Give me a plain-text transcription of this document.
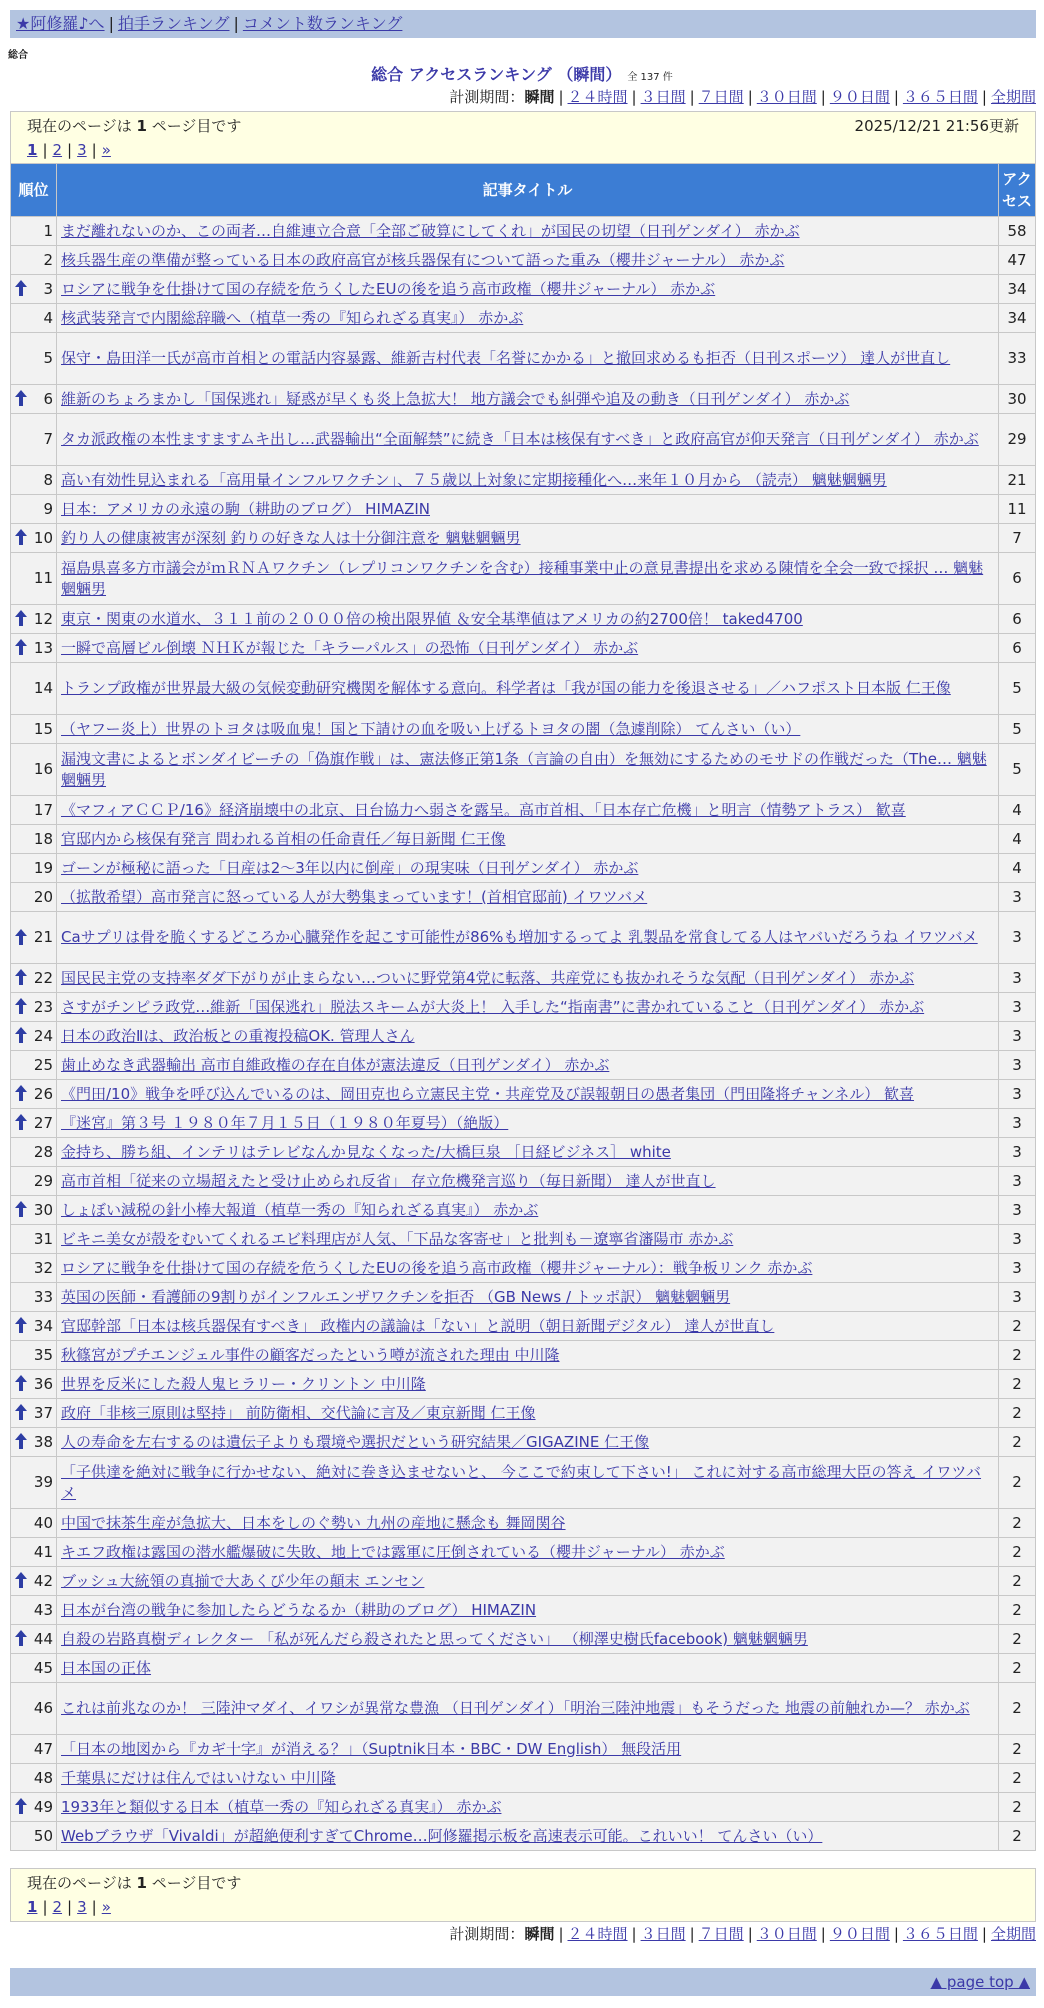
★阿修羅♪へ | 拍手ランキング | コメント数ランキング
総合
総合 アクセスランキング （瞬間） 全 137 件
計測期間：瞬間 | ２４時間 | ３日間 | ７日間 | ３０日間 | ９０日間 | ３６５日間 | 全期間
現在のページは 1 ページ目です	2025/12/21 21:56更新
1 | 2 | 3 | »
順位	記事タイトル	アクセス
1	まだ離れないのか、この両者…自維連立合意「全部ご破算にしてくれ」が国民の切望（日刊ゲンダイ） 赤かぶ	58
2	核兵器生産の準備が整っている日本の政府高官が核兵器保有について語った重み（櫻井ジャーナル） 赤かぶ	47

3	ロシアに戦争を仕掛けて国の存続を危うくしたEUの後を追う高市政権（櫻井ジャーナル） 赤かぶ	34
4	核武装発言で内閣総辞職へ（植草一秀の『知られざる真実』） 赤かぶ	34
5	保守・島田洋一氏が高市首相との電話内容暴露、維新吉村代表「名誉にかかる」と撤回求めるも拒否（日刊スポーツ） 達人が世直し	33

6	維新のちょろまかし「国保逃れ」疑惑が早くも炎上急拡大！ 地方議会でも糾弾や追及の動き（日刊ゲンダイ） 赤かぶ	30
7	タカ派政権の本性ますますムキ出し…武器輸出“全面解禁”に続き「日本は核保有すべき」と政府高官が仰天発言（日刊ゲンダイ） 赤かぶ	29
8	高い有効性見込まれる「高用量インフルワクチン」、７５歳以上対象に定期接種化へ…来年１０月から （読売） 魑魅魍魎男	21
9	日本：アメリカの永遠の駒（耕助のブログ） HIMAZIN	11

10	釣り人の健康被害が深刻 釣りの好きな人は十分御注意を 魑魅魍魎男	7
11	福島県喜多方市議会がｍＲＮＡワクチン（レプリコンワクチンを含む）接種事業中止の意見書提出を求める陳情を全会一致で採択 … 魑魅魍魎男	6

12	東京・関東の水道水、３１１前の２０００倍の検出限界値 ＆安全基準値はアメリカの約2700倍！ taked4700	6

13	一瞬で高層ビル倒壊 ＮＨＫが報じた「キラーパルス」の恐怖（日刊ゲンダイ） 赤かぶ	6
14	トランプ政権が世界最大級の気候変動研究機関を解体する意向。科学者は「我が国の能力を後退させる」／ハフポスト日本版 仁王像	5
15	（ヤフー炎上）世界のトヨタは吸血鬼！国と下請けの血を吸い上げるトヨタの闇（急遽削除） てんさい（い）	5
16	漏洩文書によるとボンダイビーチの「偽旗作戦」は、憲法修正第1条（言論の自由）を無効にするためのモサドの作戦だった（The… 魑魅魍魎男	5
17	《マフィアＣＣＰ/16》経済崩壊中の北京、日台協力へ弱さを露呈。高市首相、「日本存亡危機」と明言（情勢アトラス） 歓喜	4
18	官邸内から核保有発言 問われる首相の任命責任／毎日新聞 仁王像	4
19	ゴーンが極秘に語った「日産は2～3年以内に倒産」の現実味（日刊ゲンダイ） 赤かぶ	4
20	（拡散希望）高市発言に怒っている人が大勢集まっています！(首相官邸前) イワツバメ	3

21	Caサプリは骨を脆くするどころか心臓発作を起こす可能性が86%も増加するってよ 乳製品を常食してる人はヤバいだろうね イワツバメ	3

22	国民民主党の支持率ダダ下がりが止まらない…ついに野党第4党に転落、共産党にも抜かれそうな気配（日刊ゲンダイ） 赤かぶ	3

23	さすがチンピラ政党…維新「国保逃れ」脱法スキームが大炎上！ 入手した“指南書”に書かれていること（日刊ゲンダイ） 赤かぶ	3

24	日本の政治Ⅱは、政治板との重複投稿OK. 管理人さん	3
25	歯止めなき武器輸出 高市自維政権の存在自体が憲法違反（日刊ゲンダイ） 赤かぶ	3

26	《門田/10》戦争を呼び込んでいるのは、岡田克也ら立憲民主党・共産党及び誤報朝日の愚者集団（門田隆将チャンネル） 歓喜	3

27	『迷宮』第３号 １９８０年７月１５日（１９８０年夏号）（絶版）	3
28	金持ち、勝ち組、インテリはテレビなんか見なくなった/大橋巨泉 ［日経ビジネス］ white	3
29	高市首相「従来の立場超えたと受け止められ反省」 存立危機発言巡り（毎日新聞） 達人が世直し	3

30	しょぼい減税の針小棒大報道（植草一秀の『知られざる真実』） 赤かぶ	3
31	ビキニ美女が殻をむいてくれるエビ料理店が人気、「下品な客寄せ」と批判も－遼寧省瀋陽市 赤かぶ	3
32	ロシアに戦争を仕掛けて国の存続を危うくしたEUの後を追う高市政権（櫻井ジャーナル）：戦争板リンク 赤かぶ	3
33	英国の医師・看護師の9割りがインフルエンザワクチンを拒否 （GB News / トッポ訳） 魑魅魍魎男	3

34	官邸幹部「日本は核兵器保有すべき」 政権内の議論は「ない」と説明（朝日新聞デジタル） 達人が世直し	2
35	秋篠宮がプチエンジェル事件の顧客だったという噂が流された理由 中川隆	2

36	世界を反米にした殺人鬼ヒラリー・クリントン 中川隆	2

37	政府「非核三原則は堅持」 前防衛相、交代論に言及／東京新聞 仁王像	2

38	人の寿命を左右するのは遺伝子よりも環境や選択だという研究結果／GIGAZINE 仁王像	2
39	「子供達を絶対に戦争に行かせない、絶対に巻き込ませないと、 今ここで約束して下さい!」 これに対する高市総理大臣の答え イワツバメ	2
40	中国で抹茶生産が急拡大、日本をしのぐ勢い 九州の産地に懸念も 舞岡関谷	2
41	キエフ政権は露国の潜水艦爆破に失敗、地上では露軍に圧倒されている（櫻井ジャーナル） 赤かぶ	2

42	ブッシュ大統領の真揃で大あくび少年の顛末 エンセン	2
43	日本が台湾の戦争に参加したらどうなるか（耕助のブログ） HIMAZIN	2

44	自殺の岩路真樹ディレクター 「私が死んだら殺されたと思ってください」 （柳澤史樹氏facebook) 魑魅魍魎男	2
45	日本国の正体	2
46	これは前兆なのか！ 三陸沖マダイ、イワシが異常な豊漁 （日刊ゲンダイ）「明治三陸沖地震」もそうだった 地震の前触れか—？ 赤かぶ	2
47	「日本の地図から『カギ十字』が消える？」（Suptnik日本・BBC・DW English） 無段活用	2
48	千葉県にだけは住んではいけない 中川隆	2

49	1933年と類似する日本（植草一秀の『知られざる真実』） 赤かぶ	2
50	Webブラウザ「Vivaldi」が超絶便利すぎてChrome…阿修羅掲示板を高速表示可能。これいい！ てんさい（い）	2
現在のページは 1 ページ目です
1 | 2 | 3 | »
計測期間：瞬間 | ２４時間 | ３日間 | ７日間 | ３０日間 | ９０日間 | ３６５日間 | 全期間
▲ page top ▲
